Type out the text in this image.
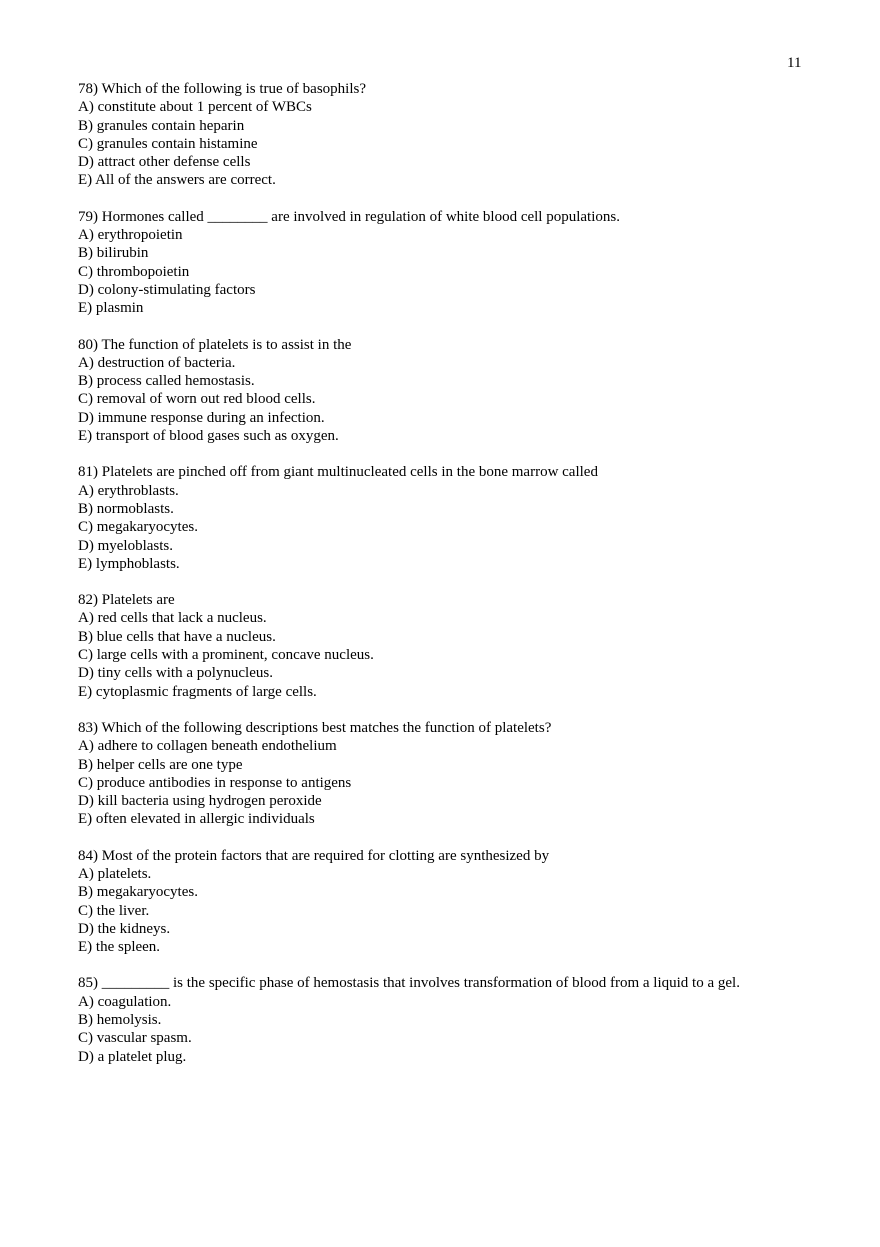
11
78) Which of the following is true of basophils?
A) constitute about 1 percent of WBCs
B) granules contain heparin
C) granules contain histamine
D) attract other defense cells
E) All of the answers are correct.
79) Hormones called ________ are involved in regulation of white blood cell populations.
A) erythropoietin
B) bilirubin
C) thrombopoietin
D) colony-stimulating factors
E) plasmin
80) The function of platelets is to assist in the
A) destruction of bacteria.
B) process called hemostasis.
C) removal of worn out red blood cells.
D) immune response during an infection.
E) transport of blood gases such as oxygen.
81) Platelets are pinched off from giant multinucleated cells in the bone marrow called
A) erythroblasts.
B) normoblasts.
C) megakaryocytes.
D) myeloblasts.
E) lymphoblasts.
82) Platelets are
A) red cells that lack a nucleus.
B) blue cells that have a nucleus.
C) large cells with a prominent, concave nucleus.
D) tiny cells with a polynucleus.
E) cytoplasmic fragments of large cells.
83) Which of the following descriptions best matches the function of platelets?
A) adhere to collagen beneath endothelium
B) helper cells are one type
C) produce antibodies in response to antigens
D) kill bacteria using hydrogen peroxide
E) often elevated in allergic individuals
84) Most of the protein factors that are required for clotting are synthesized by
A) platelets.
B) megakaryocytes.
C) the liver.
D) the kidneys.
E) the spleen.
85) _________ is the specific phase of hemostasis that involves transformation of blood from a liquid to a gel.
A) coagulation.
B) hemolysis.
C) vascular spasm.
D) a platelet plug.
